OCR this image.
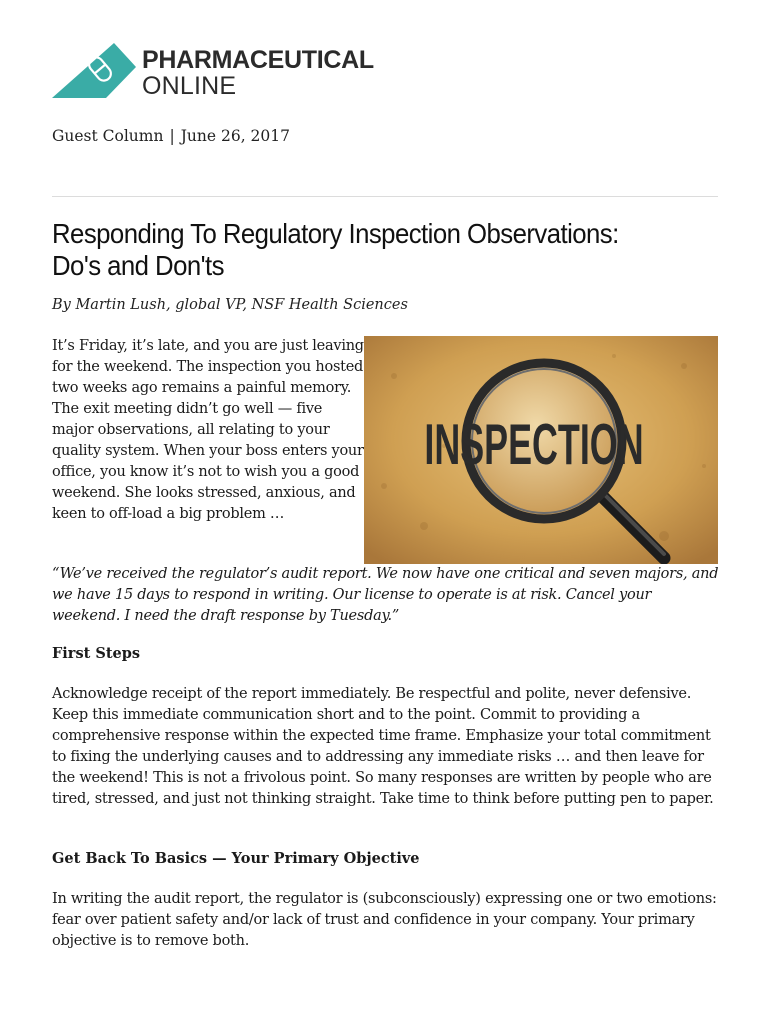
PHARMACEUTICAL
ONLINE
Guest Column | June 26, 2017
Responding To Regulatory Inspection Observations: Do's and Don'ts
By Martin Lush, global VP, NSF Health Sciences

It’s Friday, it’s late, and you are just leaving for the weekend. The inspection you hosted two weeks ago remains a painful memory. The exit meeting didn’t go well — five major observations, all relating to your quality system. When your boss enters your office, you know it’s not to wish you a good weekend. She looks stressed, anxious, and keen to off-load a big problem …

INSPECTION

“We’ve received the regulator’s audit report. We now have one critical and seven majors, and we have 15 days to respond in writing. Our license to operate is at risk. Cancel your weekend. I need the draft response by Tuesday.”

First Steps

Acknowledge receipt of the report immediately. Be respectful and polite, never defensive. Keep this immediate communication short and to the point. Commit to providing a comprehensive response within the expected time frame. Emphasize your total commitment to fixing the underlying causes and to addressing any immediate risks … and then leave for the weekend! This is not a frivolous point. So many responses are written by people who are tired, stressed, and just not thinking straight. Take time to think before putting pen to paper.

Get Back To Basics — Your Primary Objective

In writing the audit report, the regulator is (subconsciously) expressing one or two emotions: fear over patient safety and/or lack of trust and confidence in your company. Your primary objective is to remove both.
